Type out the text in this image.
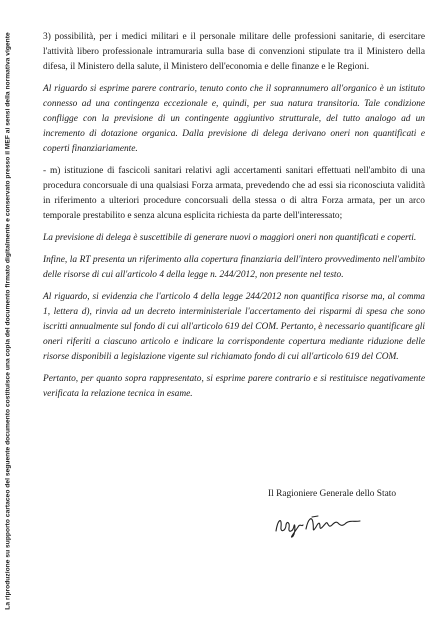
La riproduzione su supporto cartaceo del seguente documento costituisce una copia del documento firmato digitalmente e conservato presso il MEF ai sensi della normativa vigente	3) possibilità, per i medici militari e il personale militare delle professioni sanitarie, di esercitare l'attività libero professionale intramuraria sulla base di convenzioni stipulate tra il Ministero della difesa, il Ministero della salute, il Ministero dell'economia e delle finanze e le Regioni.

Al riguardo si esprime parere contrario, tenuto conto che il soprannumero all'organico è un istituto connesso ad una contingenza eccezionale e, quindi, per sua natura transitoria. Tale condizione confligge con la previsione di un contingente aggiuntivo strutturale, del tutto analogo ad un incremento di dotazione organica. Dalla previsione di delega derivano oneri non quantificati e coperti finanziariamente.

- m) istituzione di fascicoli sanitari relativi agli accertamenti sanitari effettuati nell'ambito di una procedura concorsuale di una qualsiasi Forza armata, prevedendo che ad essi sia riconosciuta validità in riferimento a ulteriori procedure concorsuali della stessa o di altra Forza armata, per un arco temporale prestabilito e senza alcuna esplicita richiesta da parte dell'interessato;

La previsione di delega è suscettibile di generare nuovi o maggiori oneri non quantificati e coperti.

Infine, la RT presenta un riferimento alla copertura finanziaria dell'intero provvedimento nell'ambito delle risorse di cui all'articolo 4 della legge n. 244/2012, non presente nel testo.

Al riguardo, si evidenzia che l'articolo 4 della legge 244/2012 non quantifica risorse ma, al comma 1, lettera d), rinvia ad un decreto interministeriale l'accertamento dei risparmi di spesa che sono iscritti annualmente sul fondo di cui all'articolo 619 del COM. Pertanto, è necessario quantificare gli oneri riferiti a ciascuno articolo e indicare la corrispondente copertura mediante riduzione delle risorse disponibili a legislazione vigente sul richiamato fondo di cui all'articolo 619 del COM.

Pertanto, per quanto sopra rappresentato, si esprime parere contrario e si restituisce negativamente verificata la relazione tecnica in esame.

Il Ragioniere Generale dello Stato
